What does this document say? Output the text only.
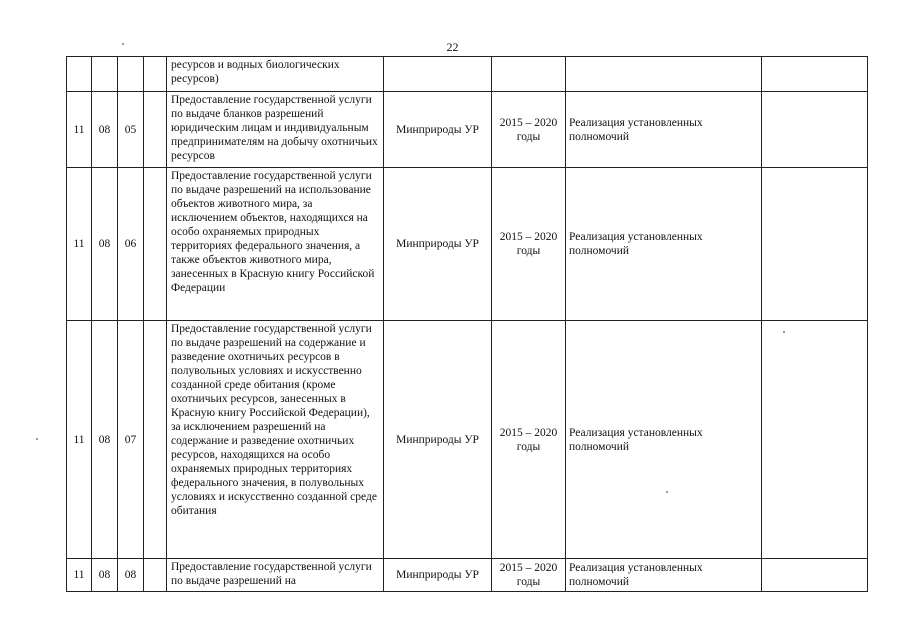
22
				ресурсов и водных биологических ресурсов)				
11	08	05		Предоставление государственной услуги по выдаче бланков разрешений юридическим лицам и индивидуальным предпринимателям на добычу охотничьих ресурсов	Минприроды УР	2015 – 2020 годы	Реализация установленных полномочий	
11	08	06		Предоставление государственной услуги по выдаче разрешений на использование объектов животного мира, за исключением объектов, находящихся на особо охраняемых природных территориях федерального значения, а также объектов животного мира, занесенных в Красную книгу Российской Федерации	Минприроды УР	2015 – 2020 годы	Реализация установленных полномочий	
11	08	07		Предоставление государственной услуги по выдаче разрешений на содержание и разведение охотничьих ресурсов в полувольных условиях и искусственно созданной среде обитания (кроме охотничьих ресурсов, занесенных в Красную книгу Российской Федерации), за исключением разрешений на содержание и разведение охотничьих ресурсов, находящихся на особо охраняемых природных территориях федерального значения, в полувольных условиях и искусственно созданной среде обитания	Минприроды УР	2015 – 2020 годы	Реализация установленных полномочий	
11	08	08		Предоставление государственной услуги по выдаче разрешений на	Минприроды УР	2015 – 2020 годы	Реализация установленных полномочий	
